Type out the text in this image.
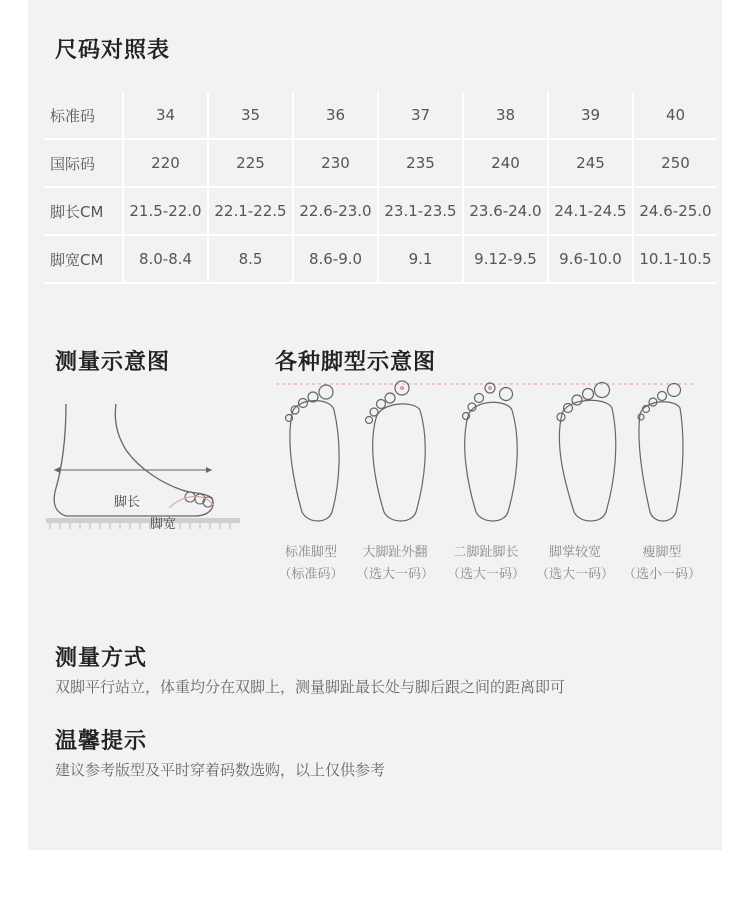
尺码对照表
标准码	34	35	36	37	38	39	40
国际码	220	225	230	235	240	245	250
脚长CM	21.5-22.0	22.1-22.5	22.6-23.0	23.1-23.5	23.6-24.0	24.1-24.5	24.6-25.0
脚宽CM	8.0-8.4	8.5	8.6-9.0	9.1	9.12-9.5	9.6-10.0	10.1-10.5
测量示意图
脚长
脚宽
各种脚型示意图
标准脚型
（标准码）
大脚趾外翻
（选大一码）
二脚趾脚长
（选大一码）
脚掌较宽
（选大一码）
瘦脚型
（选小一码）
测量方式
双脚平行站立，体重均分在双脚上，测量脚趾最长处与脚后跟之间的距离即可
温馨提示
建议参考版型及平时穿着码数选购，以上仅供参考
